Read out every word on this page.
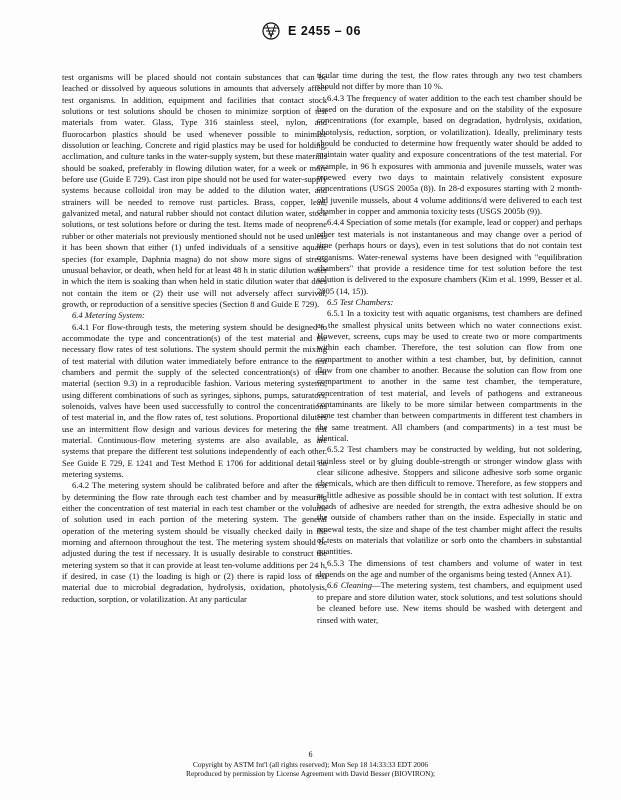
E 2455 – 06

test organisms will be placed should not contain substances that can be leached or dissolved by aqueous solutions in amounts that adversely affect test organisms. In addition, equipment and facilities that contact stock solutions or test solutions should be chosen to minimize sorption of test materials from water. Glass, Type 316 stainless steel, nylon, and fluorocarbon plastics should be used whenever possible to minimize dissolution or leaching. Concrete and rigid plastics may be used for holding, acclimation, and culture tanks in the water-supply system, but these materials should be soaked, preferably in flowing dilution water, for a week or more before use (Guide E 729). Cast iron pipe should not be used for water-supply systems because colloidal iron may be added to the dilution water, and strainers will be needed to remove rust particles. Brass, copper, lead, galvanized metal, and natural rubber should not contact dilution water, stock solutions, or test solutions before or during the test. Items made of neoprene rubber or other materials not previously mentioned should not be used unless it has been shown that either (1) unfed individuals of a sensitive aquatic species (for example, Daphnia magna) do not show more signs of stress, unusual behavior, or death, when held for at least 48 h in static dilution water in which the item is soaking than when held in static dilution water that does not contain the item or (2) their use will not adversely affect survival, growth, or reproduction of a sensitive species (Section 8 and Guide E 729).

6.4 Metering System:

6.4.1 For flow-through tests, the metering system should be designed to accommodate the type and concentration(s) of the test material and the necessary flow rates of test solutions. The system should permit the mixing of test material with dilution water immediately before entrance to the test chambers and permit the supply of the selected concentration(s) of test material (section 9.3) in a reproducible fashion. Various metering systems, using different combinations of such as syringes, siphons, pumps, saturators, solenoids, valves have been used successfully to control the concentrations of test material in, and the flow rates of, test solutions. Proportional diluters use an intermittent flow design and various devices for metering the test material. Continuous-flow metering systems are also available, as are systems that prepare the different test solutions independently of each other. See Guide E 729, E 1241 and Test Method E 1706 for additional detail on metering systems.

6.4.2 The metering system should be calibrated before and after the test by determining the flow rate through each test chamber and by measuring either the concentration of test material in each test chamber or the volume of solution used in each portion of the metering system. The general operation of the metering system should be visually checked daily in the morning and afternoon throughout the test. The metering system should be adjusted during the test if necessary. It is usually desirable to construct the metering system so that it can provide at least ten-volume additions per 24 h, if desired, in case (1) the loading is high or (2) there is rapid loss of test material due to microbial degradation, hydrolysis, oxidation, photolysis, reduction, sorption, or volatilization. At any particular

ticular time during the test, the flow rates through any two test chambers should not differ by more than 10 %.

6.4.3 The frequency of water addition to the each test chamber should be based on the duration of the exposure and on the stability of the exposure concentrations (for example, based on degradation, hydrolysis, oxidation, photolysis, reduction, sorption, or volatilization). Ideally, preliminary tests should be conducted to determine how frequently water should be added to maintain water quality and exposure concentrations of the test material. For example, in 96 h exposures with ammonia and juvenile mussels, water was renewed every two days to maintain relatively consistent exposure concentrations (USGS 2005a (8)). In 28-d exposures starting with 2 month-old juvenile mussels, about 4 volume additions/d were delivered to each test chamber in copper and ammonia toxicity tests (USGS 2005b (9)).

6.4.4 Speciation of some metals (for example, lead or copper) and perhaps other test materials is not instantaneous and may change over a period of time (perhaps hours or days), even in test solutions that do not contain test organisms. Water-renewal systems have been designed with "equilibration chambers" that provide a residence time for test solution before the test solution is delivered to the exposure chambers (Kim et al. 1999, Besser et al. 2005 (14, 15)).

6.5 Test Chambers:

6.5.1 In a toxicity test with aquatic organisms, test chambers are defined as the smallest physical units between which no water connections exist. However, screens, cups may be used to create two or more compartments within each chamber. Therefore, the test solution can flow from one compartment to another within a test chamber, but, by definition, cannot flow from one chamber to another. Because the solution can flow from one compartment to another in the same test chamber, the temperature, concentration of test material, and levels of pathogens and extraneous contaminants are likely to be more similar between compartments in the same test chamber than between compartments in different test chambers in the same treatment. All chambers (and compartments) in a test must be identical.

6.5.2 Test chambers may be constructed by welding, but not soldering, stainless steel or by gluing double-strength or stronger window glass with clear silicone adhesive. Stoppers and silicone adhesive sorb some organic chemicals, which are then difficult to remove. Therefore, as few stoppers and as little adhesive as possible should be in contact with test solution. If extra beads of adhesive are needed for strength, the extra adhesive should be on the outside of chambers rather than on the inside. Especially in static and renewal tests, the size and shape of the test chamber might affect the results of tests on materials that volatilize or sorb onto the chambers in substantial quantities.

6.5.3 The dimensions of test chambers and volume of water in test depends on the age and number of the organisms being tested (Annex A1).

6.6 Cleaning—The metering system, test chambers, and equipment used to prepare and store dilution water, stock solutions, and test solutions should be cleaned before use. New items should be washed with detergent and rinsed with water,

6
Copyright by ASTM Int'l (all rights reserved); Mon Sep 18 14:33:33 EDT 2006
Reproduced by permission by License Agreement with David Besser (BIOVIRON);
